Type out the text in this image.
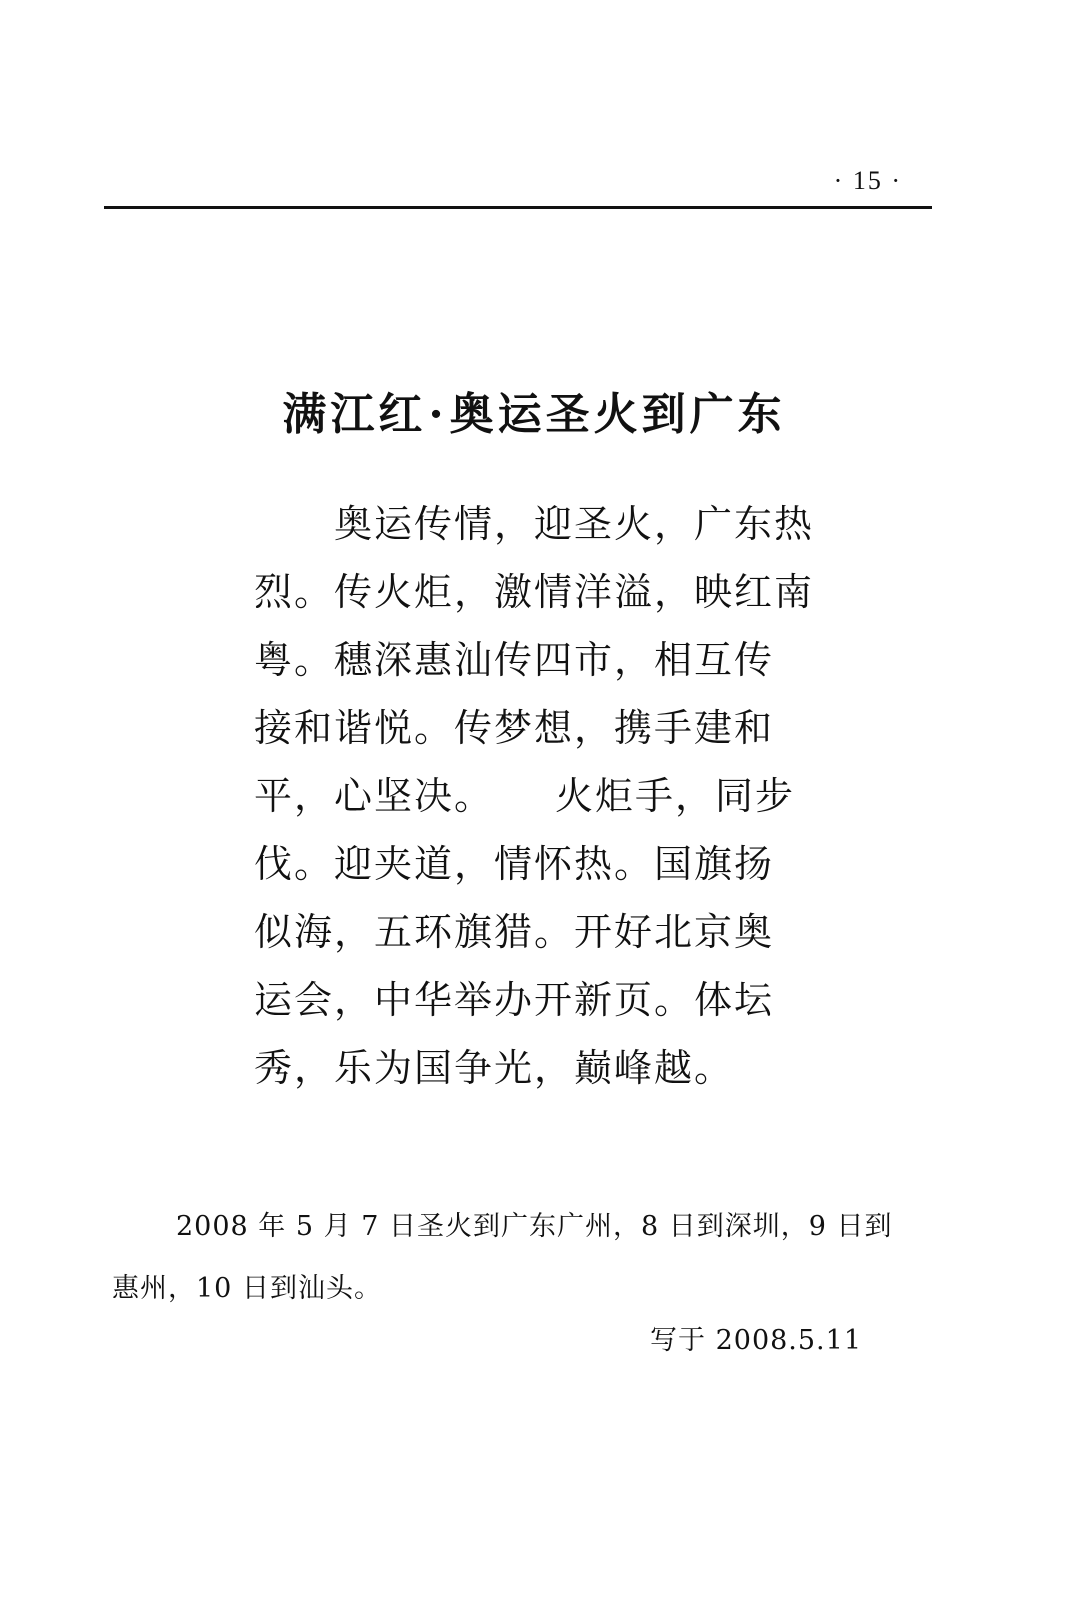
· 15 ·
满江红·奥运圣火到广东
　　奥运传情，迎圣火，广东热
烈。传火炬，激情洋溢，映红南
粤。穗深惠汕传四市，相互传
接和谐悦。传梦想，携手建和
平，心坚决。　　火炬手，同步
伐。迎夹道，情怀热。国旗扬
似海，五环旗猎。开好北京奥
运会，中华举办开新页。体坛
秀，乐为国争光，巅峰越。
2008 年 5 月 7 日圣火到广东广州，8 日到深圳，9 日到
惠州，10 日到汕头。
写于 2008.5.11
